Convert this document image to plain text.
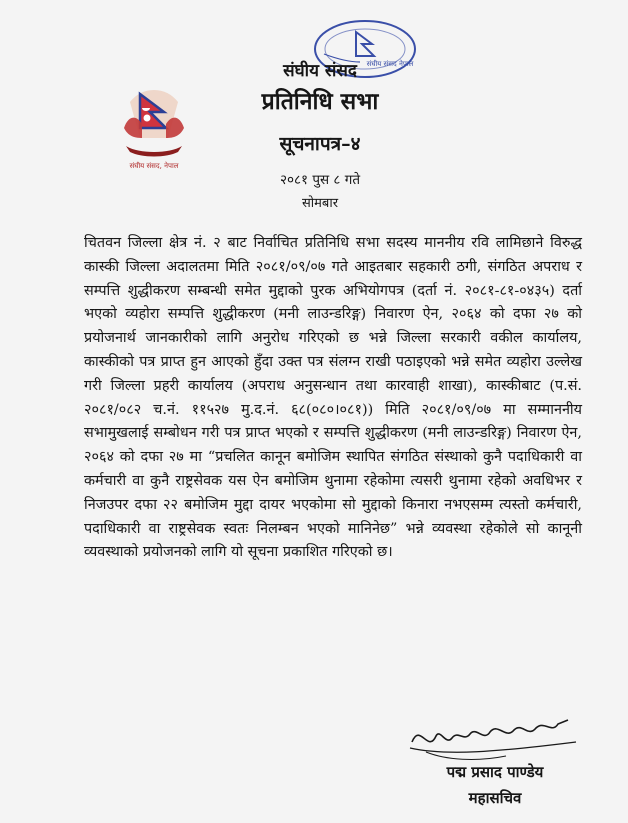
संघीय संसद, नेपाल
संघीय संसद नेपाल
संघीय संसद
प्रतिनिधि सभा
सूचनापत्र–४
२०८१ पुस ८ गते
सोमबार
चितवन जिल्ला क्षेत्र नं. २ बाट निर्वाचित प्रतिनिधि सभा सदस्य माननीय रवि लामिछाने विरुद्ध कास्की जिल्ला अदालतमा मिति २०८१/०९/०७ गते आइतबार सहकारी ठगी, संगठित अपराध र सम्पत्ति शुद्धीकरण सम्बन्धी समेत मुद्दाको पुरक अभियोगपत्र (दर्ता नं. २०८१-८१-०४३५) दर्ता भएको व्यहोरा सम्पत्ति शुद्धीकरण (मनी लाउन्डरिङ्ग) निवारण ऐन, २०६४ को दफा २७ को प्रयोजनार्थ जानकारीको लागि अनुरोध गरिएको छ भन्ने जिल्ला सरकारी वकील कार्यालय, कास्कीको पत्र प्राप्त हुन आएको हुँदा उक्त पत्र संलग्न राखी पठाइएको भन्ने समेत व्यहोरा उल्लेख गरी जिल्ला प्रहरी कार्यालय (अपराध अनुसन्धान तथा कारवाही शाखा), कास्कीबाट (प.सं. २०८१/०८२ च.नं. ११५२७ मु.द.नं. ६८(०८०।०८१)) मिति २०८१/०९/०७ मा सम्माननीय सभामुखलाई सम्बोधन गरी पत्र प्राप्त भएको र सम्पत्ति शुद्धीकरण (मनी लाउन्डरिङ्ग) निवारण ऐन, २०६४ को दफा २७ मा “प्रचलित कानून बमोजिम स्थापित संगठित संस्थाको कुनै पदाधिकारी वा कर्मचारी वा कुनै राष्ट्रसेवक यस ऐन बमोजिम थुनामा रहेकोमा त्यसरी थुनामा रहेको अवधिभर र निजउपर दफा २२ बमोजिम मुद्दा दायर भएकोमा सो मुद्दाको किनारा नभएसम्म त्यस्तो कर्मचारी, पदाधिकारी वा राष्ट्रसेवक स्वतः निलम्बन भएको मानिनेछ” भन्ने व्यवस्था रहेकोले सो कानूनी व्यवस्थाको प्रयोजनको लागि यो सूचना प्रकाशित गरिएको छ।
पद्म प्रसाद पाण्डेय
महासचिव
